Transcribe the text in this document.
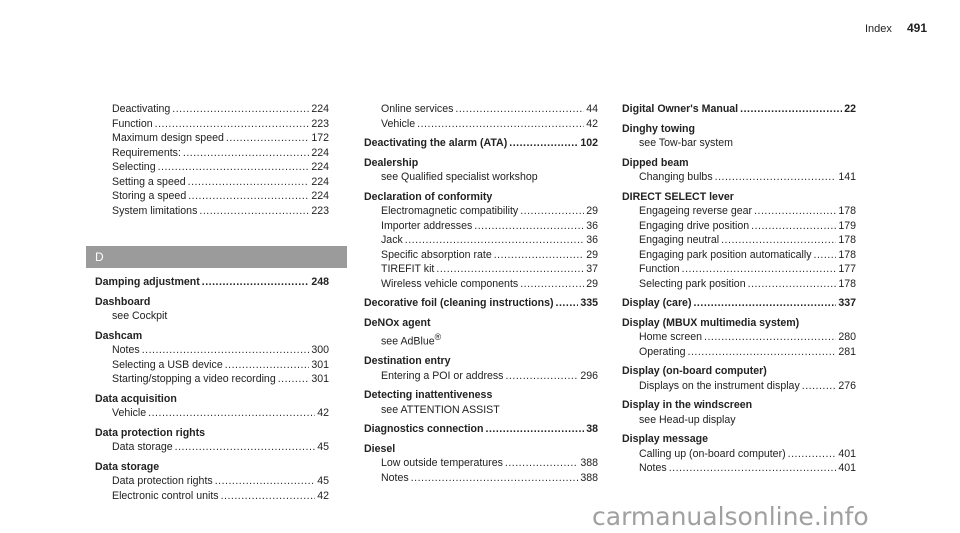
Index 491
Deactivating .....	224
Function .....	223
Maximum design speed .....	172
Requirements: .....	224
Selecting .....	224
Setting a speed .....	224
Storing a speed .....	224
System limitations .....	223
D
Damping adjustment .....	248
Dashboard
see Cockpit
Dashcam
Notes .....	300
Selecting a USB device .....	301
Starting/stopping a video recording .....	301
Data acquisition
Vehicle .....	42
Data protection rights
Data storage .....	45
Data storage
Data protection rights .....	45
Electronic control units .....	42
Online services .....	44
Vehicle .....	42
Deactivating the alarm (ATA) .....	102
Dealership
see Qualified specialist workshop
Declaration of conformity
Electromagnetic compatibility .....	29
Importer addresses .....	36
Jack .....	36
Specific absorption rate .....	29
TIREFIT kit .....	37
Wireless vehicle components .....	29
Decorative foil (cleaning instructions) .....	335
DeNOx agent
see AdBlue®
Destination entry
Entering a POI or address .....	296
Detecting inattentiveness
see ATTENTION ASSIST
Diagnostics connection .....	38
Diesel
Low outside temperatures .....	388
Notes .....	388
Digital Owner's Manual .....	22
Dinghy towing
see Tow-bar system
Dipped beam
Changing bulbs .....	141
DIRECT SELECT lever
Engageing reverse gear .....	178
Engaging drive position .....	179
Engaging neutral .....	178
Engaging park position automatically .....	178
Function .....	177
Selecting park position .....	178
Display (care) .....	337
Display (MBUX multimedia system)
Home screen .....	280
Operating .....	281
Display (on-board computer)
Displays on the instrument display .....	276
Display in the windscreen
see Head-up display
Display message
Calling up (on-board computer) .....	401
Notes .....	401
carmanualsonline.info
